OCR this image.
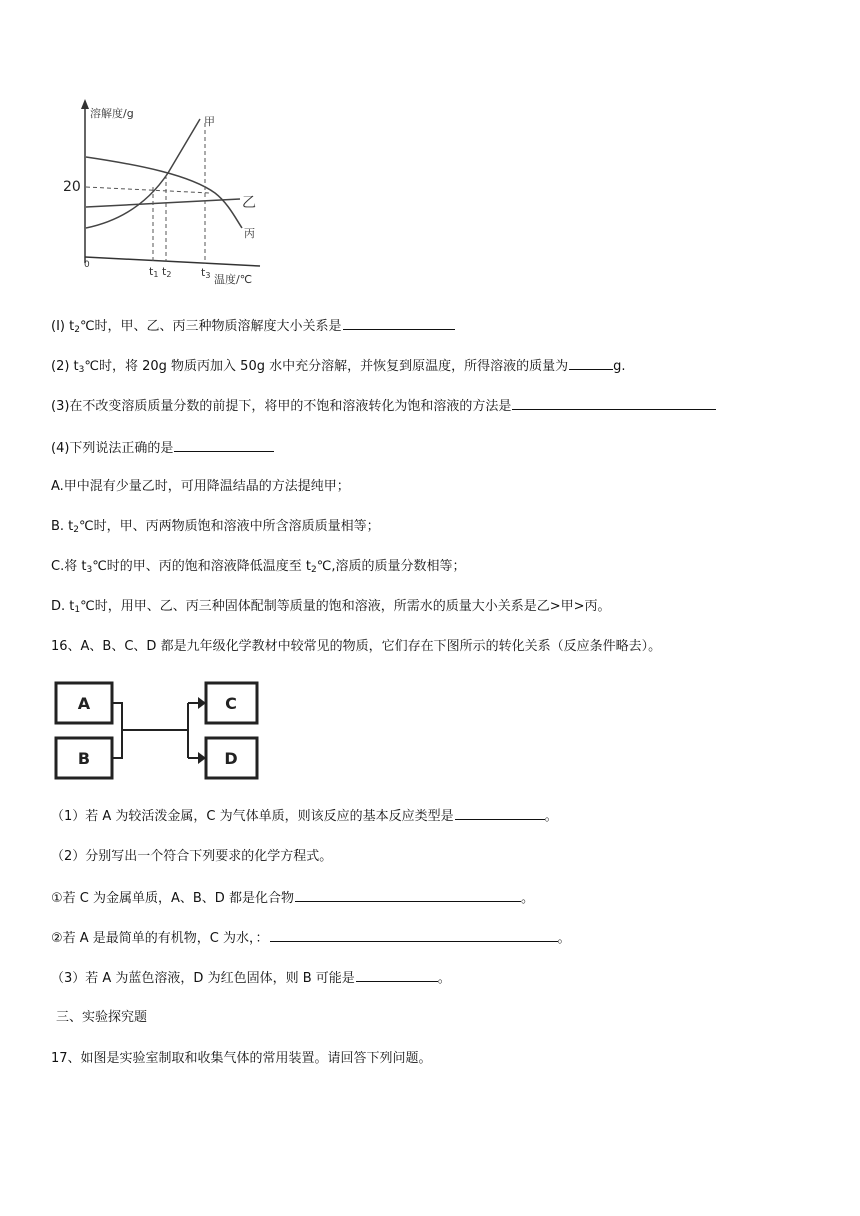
溶解度/g
20
0
甲
乙
丙
t1 t2	t3 温度/℃
(I) $t_2℃$时，甲、乙、丙三种物质溶解度大小关系是
(2) $t_3℃$时，将 20g 物质丙加入 50g 水中充分溶解，并恢复到原温度，所得溶液的质量为	g.
(3)在不改变溶质质量分数的前提下，将甲的不饱和溶液转化为饱和溶液的方法是
(4)下列说法正确的是
A.甲中混有少量乙时，可用降温结晶的方法提纯甲；
B. $t_2℃$时，甲、丙两物质饱和溶液中所含溶质质量相等；
C.将 $t_3℃$时的甲、丙的饱和溶液降低温度至 $t_2℃$,溶质的质量分数相等；
D. $t_1℃$时，用甲、乙、丙三种固体配制等质量的饱和溶液，所需水的质量大小关系是乙>甲>丙。
16、A、B、C、D 都是九年级化学教材中较常见的物质，它们存在下图所示的转化关系（反应条件略去）。
A
B
C
D
（1）若 A 为较活泼金属，C 为气体单质，则该反应的基本反应类型是	。
（2）分别写出一个符合下列要求的化学方程式。
①若 C 为金属单质，A、B、D 都是化合物	。
②若 A 是最简单的有机物，C 为水，：	。
（3）若 A 为蓝色溶液，D 为红色固体，则 B 可能是	。
三、实验探究题
17、如图是实验室制取和收集气体的常用装置。请回答下列问题。
